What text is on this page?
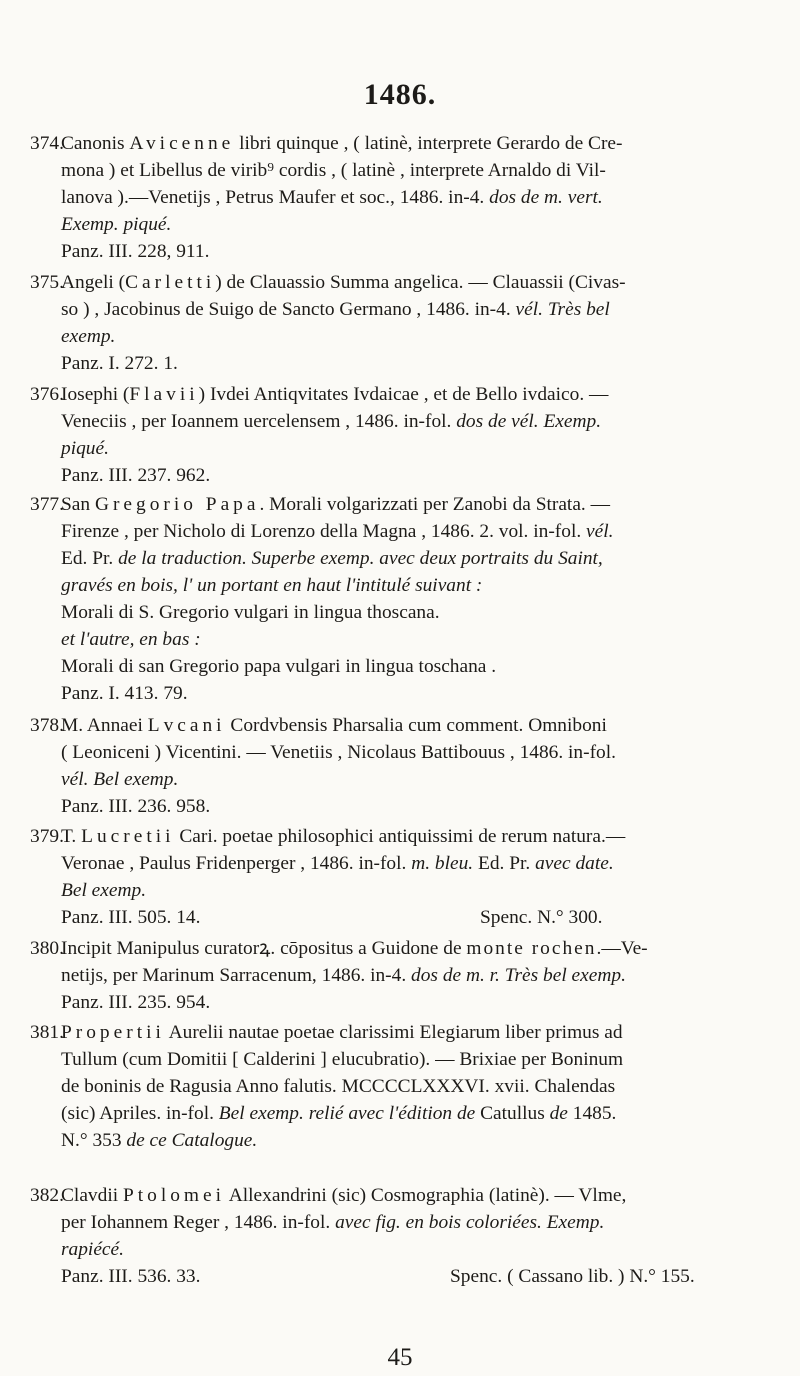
1486.
374.Canonis Avicenne libri quinque , ( latinè, interprete Gerardo de Cre-
mona ) et Libellus de virib⁹ cordis , ( latinè , interprete Arnaldo di Vil-
lanova ).—Venetijs , Petrus Maufer et soc., 1486. in-4. dos de m. vert.
Exemp. piqué.
Panz. III. 228, 911.
375.Angeli (Carletti) de Clauassio Summa angelica. — Clauassii (Civas-
so ) , Jacobinus de Suigo de Sancto Germano , 1486. in-4. vél. Très bel
exemp.
Panz. I. 272. 1.
376.Iosephi (Flavii) Ivdei Antiqvitates Ivdaicae , et de Bello ivdaico. —
Veneciis , per Ioannem uercelensem , 1486. in-fol. dos de vél. Exemp.
piqué.
Panz. III. 237. 962.
377.San Gregorio Papa. Morali volgarizzati per Zanobi da Strata. —
Firenze , per Nicholo di Lorenzo della Magna , 1486. 2. vol. in-fol. vél.
Ed. Pr. de la traduction. Superbe exemp. avec deux portraits du Saint,
gravés en bois, l' un portant en haut l'intitulé suivant :
Morali di S. Gregorio vulgari in lingua thoscana.
et l'autre, en bas :
Morali di san Gregorio papa vulgari in lingua toschana .
Panz. I. 413. 79.
378.M. Annaei Lvcani Cordvbensis Pharsalia cum comment. Omniboni
( Leoniceni ) Vicentini. — Venetiis , Nicolaus Battibouus , 1486. in-fol.
vél. Bel exemp.
Panz. III. 236. 958.
379.T. Lucretii Cari. poetae philosophici antiquissimi de rerum natura.—
Veronae , Paulus Fridenperger , 1486. in-fol. m. bleu. Ed. Pr. avec date.
Bel exemp.
Panz. III. 505. 14.	Spenc. N.° 300.
380.Incipit Manipulus curatorꝝ. cōpositus a Guidone de monte rochen.—Ve-
netijs, per Marinum Sarracenum, 1486. in-4. dos de m. r. Très bel exemp.
Panz. III. 235. 954.
381.Propertii Aurelii nautae poetae clarissimi Elegiarum liber primus ad
Tullum (cum Domitii [ Calderini ] elucubratio). — Brixiae per Boninum
de boninis de Ragusia Anno falutis. MCCCCLXXXVI. xvii. Chalendas
(sic) Apriles. in-fol. Bel exemp. relié avec l'édition de Catullus de 1485.
N.° 353 de ce Catalogue.
382.Clavdii Ptolomei Allexandrini (sic) Cosmographia (latinè). — Vlme,
per Iohannem Reger , 1486. in-fol. avec fig. en bois coloriées. Exemp.
rapiécé.
Panz. III. 536. 33.	Spenc. ( Cassano lib. ) N.° 155.
45
